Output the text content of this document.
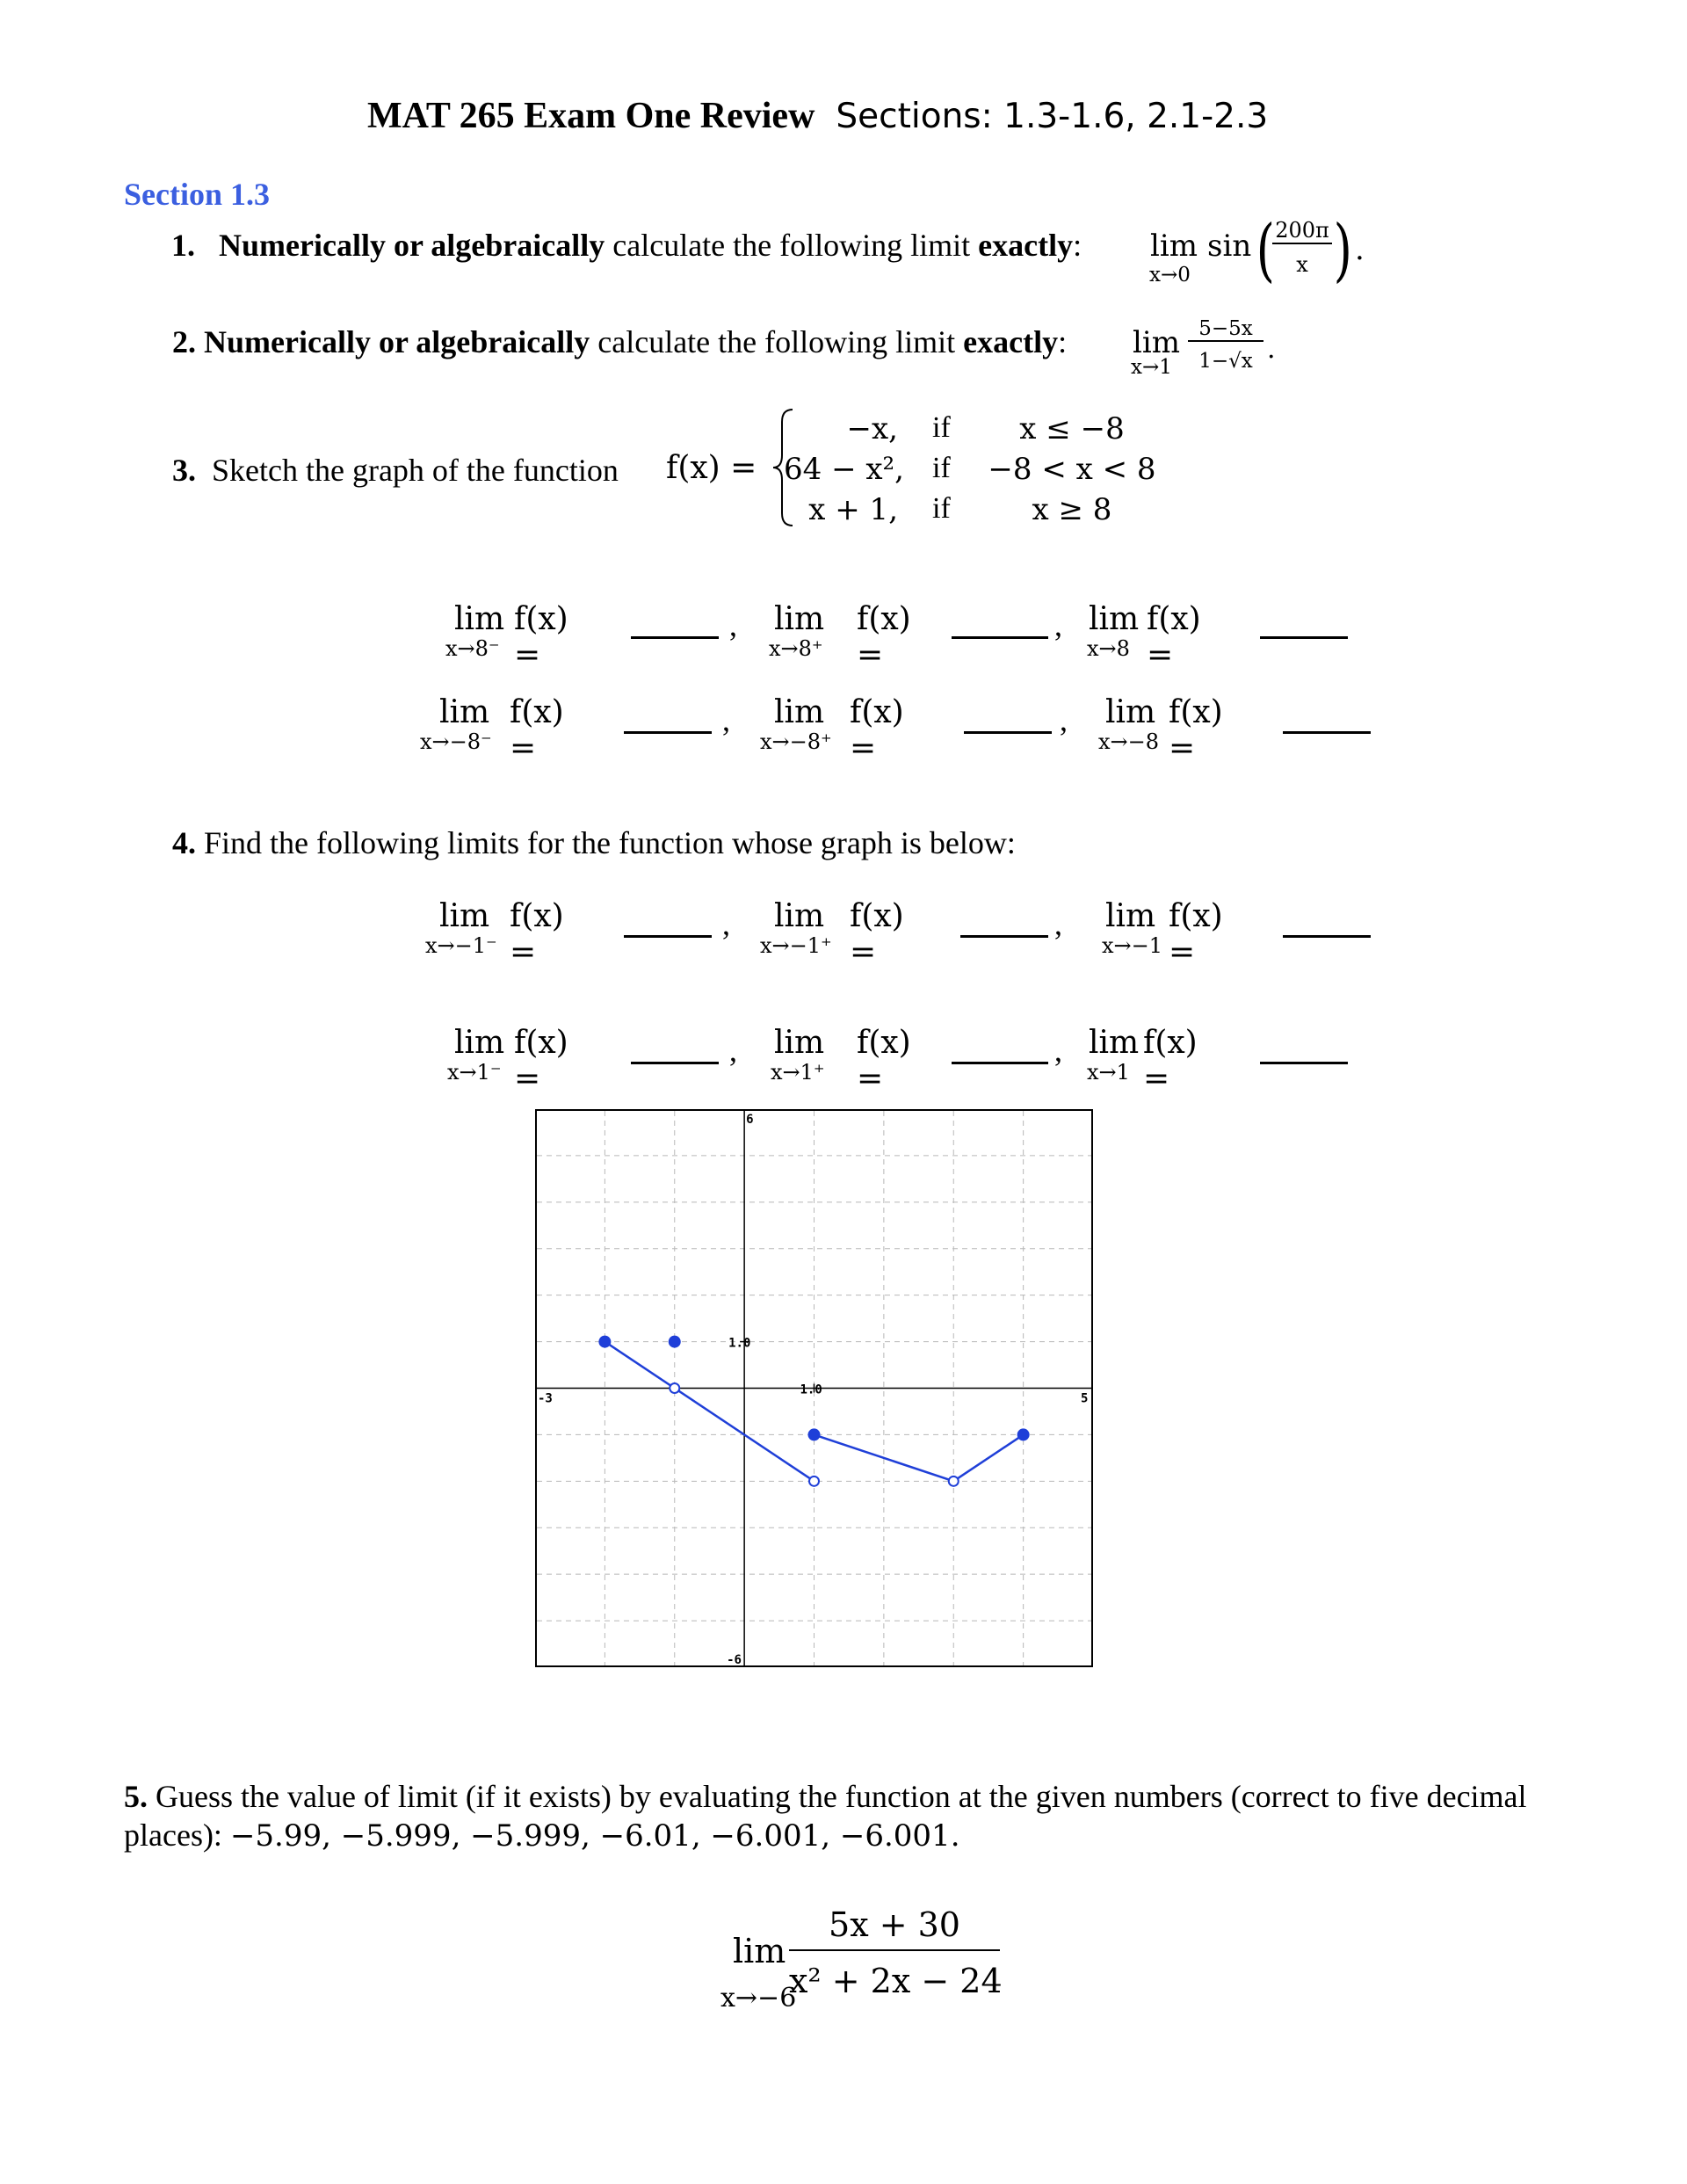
MAT 265 Exam One Review Sections: 1.3-1.6, 2.1-2.3
Section 1.3
1. Numerically or algebraically calculate the following limit exactly: lim
x→0
sin ( 200π
x ) .
2. Numerically or algebraically calculate the following limit exactly: lim
x→1
5−5x
1−√x .
3. Sketch the graph of the function f(x) =
−x,
64 − x²,
x + 1,
if
if
if
x ≤ −8
−8 < x < 8
x ≥ 8
lim
x→8⁻
f(x) =
, lim
x→8⁺
f(x) =
, lim
x→8
f(x) =
lim
x→−8⁻
f(x) =
, lim
x→−8⁺
f(x) =
, lim
x→−8
f(x) =
4. Find the following limits for the function whose graph is below:
lim
x→−1⁻
f(x) =
, lim
x→−1⁺
f(x) =
, lim
x→−1
f(x) =
lim
x→1⁻
f(x) =
, lim
x→1⁺
f(x) =
, lim
x→1
f(x) =
-3	5
6
-6
1.0
1.0
5. Guess the value of limit (if it exists) by evaluating the function at the given numbers (correct to five decimal places): −5.99, −5.999, −5.999, −6.01, −6.001, −6.001.
lim
x→−6
5x + 30
x² + 2x − 24
